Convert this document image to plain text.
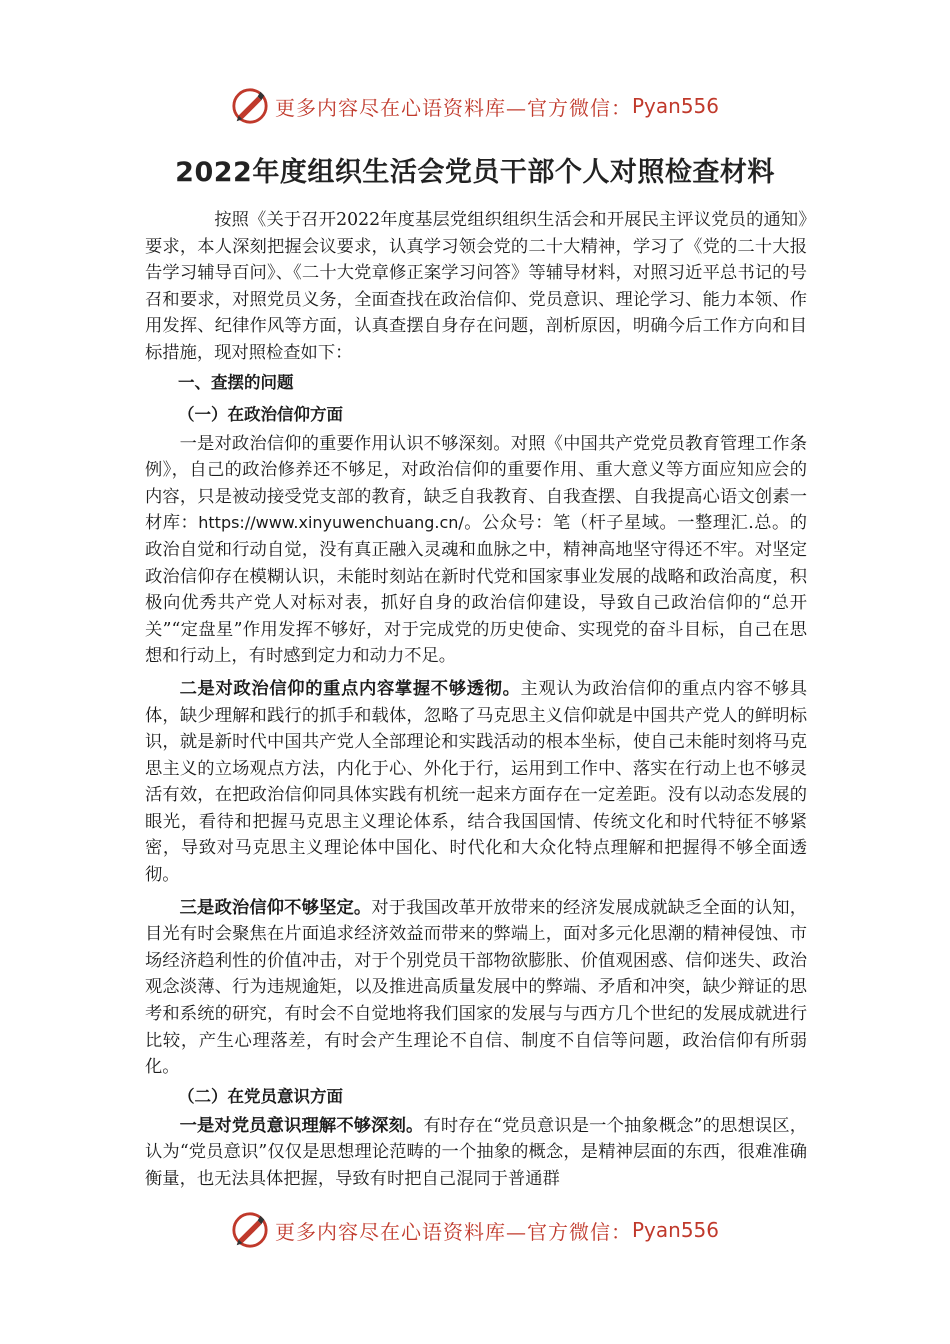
更多内容尽在心语资料库—官方微信： Pyan556
2022年度组织生活会党员干部个人对照检查材料

按照《关于召开2022年度基层党组织组织生活会和开展民主评议党员的通知》要求，本人深刻把握会议要求，认真学习领会党的二十大精神，学习了《党的二十大报告学习辅导百问》、《二十大党章修正案学习问答》等辅导材料，对照习近平总书记的号召和要求，对照党员义务，全面查找在政治信仰、党员意识、理论学习、能力本领、作用发挥、纪律作风等方面，认真查摆自身存在问题，剖析原因，明确今后工作方向和目标措施，现对照检查如下：

一、查摆的问题

（一）在政治信仰方面

一是对政治信仰的重要作用认识不够深刻。对照《中国共产党党员教育管理工作条例》，自己的政治修养还不够足，对政治信仰的重要作用、重大意义等方面应知应会的内容，只是被动接受党支部的教育，缺乏自我教育、自我查摆、自我提高心语文创素一材库：https://www.xinyuwenchuang.cn/。公众号：笔（杆子星域。一整理汇.总。的政治自觉和行动自觉，没有真正融入灵魂和血脉之中，精神高地坚守得还不牢。对坚定政治信仰存在模糊认识，未能时刻站在新时代党和国家事业发展的战略和政治高度，积极向优秀共产党人对标对表，抓好自身的政治信仰建设，导致自己政治信仰的“总开关”“定盘星”作用发挥不够好，对于完成党的历史使命、实现党的奋斗目标，自己在思想和行动上，有时感到定力和动力不足。

二是对政治信仰的重点内容掌握不够透彻。主观认为政治信仰的重点内容不够具体，缺少理解和践行的抓手和载体，忽略了马克思主义信仰就是中国共产党人的鲜明标识，就是新时代中国共产党人全部理论和实践活动的根本坐标，使自己未能时刻将马克思主义的立场观点方法，内化于心、外化于行，运用到工作中、落实在行动上也不够灵活有效，在把政治信仰同具体实践有机统一起来方面存在一定差距。没有以动态发展的眼光，看待和把握马克思主义理论体系，结合我国国情、传统文化和时代特征不够紧密，导致对马克思主义理论体中国化、时代化和大众化特点理解和把握得不够全面透彻。

三是政治信仰不够坚定。对于我国改革开放带来的经济发展成就缺乏全面的认知，目光有时会聚焦在片面追求经济效益而带来的弊端上，面对多元化思潮的精神侵蚀、市场经济趋利性的价值冲击，对于个别党员干部物欲膨胀、价值观困惑、信仰迷失、政治观念淡薄、行为违规逾矩，以及推进高质量发展中的弊端、矛盾和冲突，缺少辩证的思考和系统的研究，有时会不自觉地将我们国家的发展与与西方几个世纪的发展成就进行比较，产生心理落差，有时会产生理论不自信、制度不自信等问题，政治信仰有所弱化。

（二）在党员意识方面

一是对党员意识理解不够深刻。有时存在“党员意识是一个抽象概念”的思想误区，认为“党员意识”仅仅是思想理论范畴的一个抽象的概念，是精神层面的东西，很难准确衡量，也无法具体把握，导致有时把自己混同于普通群

更多内容尽在心语资料库—官方微信： Pyan556
